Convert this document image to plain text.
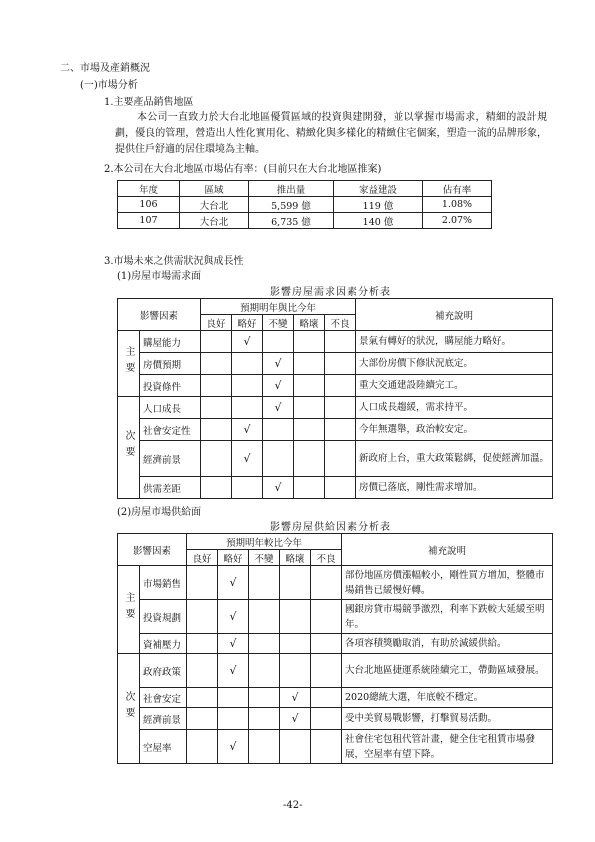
二、市場及產銷概況
(一)市場分析
1.主要產品銷售地區
本公司一直致力於大台北地區優質區域的投資與建開發，並以掌握市場需求，精細的設計規劃，優良的管理，營造出人性化實用化、精緻化與多樣化的精緻住宅個案，塑造一流的品牌形象，提供住戶舒適的居住環境為主軸。
2.本公司在大台北地區市場佔有率：(目前只在大台北地區推案)
年度	區域	推出量	家益建設	佔有率
106	大台北	5,599 億	119 億	1.08%
107	大台北	6,735 億	140 億	2.07%
3.市場未來之供需狀況與成長性
(1)房屋市場需求面
影響房屋需求因素分析表
影響因素		預期明年與比今年					補充說明
		良好	略好	不變	略壞	不良	
主要	購屋能力		√				景氣有轉好的狀況，購屋能力略好。
	房價預期			√			大部份房價下修狀況底定。
	投資條件			√			重大交通建設陸續完工。
次要	人口成長			√			人口成長趨緩，需求持平。
	社會安定性		√				今年無選舉，政治較安定。
	經濟前景		√				新政府上台，重大政策鬆綁，促使經濟加溫。
	供需差距			√			房價已落底，剛性需求增加。
(2)房屋市場供給面
影響房屋供給因素分析表
影響因素		預期明年較比今年					補充說明
		良好	略好	不變	略壞	不良	
主要	市場銷售		√				部份地區房價漲幅較小，剛性買方增加，整體市場銷售已緩慢好轉。
	投資規劃		√				國銀房貸市場競爭激烈，利率下跌較大延緩至明年。
	資補壓力		√				各項容積獎勵取消，有助於減緩供給。
次要	政府政策		√				大台北地區捷運系統陸續完工，帶動區域發展。
	社會安定				√		2020總統大選，年底較不穩定。
	經濟前景				√		受中美貿易戰影響，打擊貿易活動。
	空屋率		√				社會住宅包租代管計畫，健全住宅租賃市場發展，空屋率有望下降。
-42-
